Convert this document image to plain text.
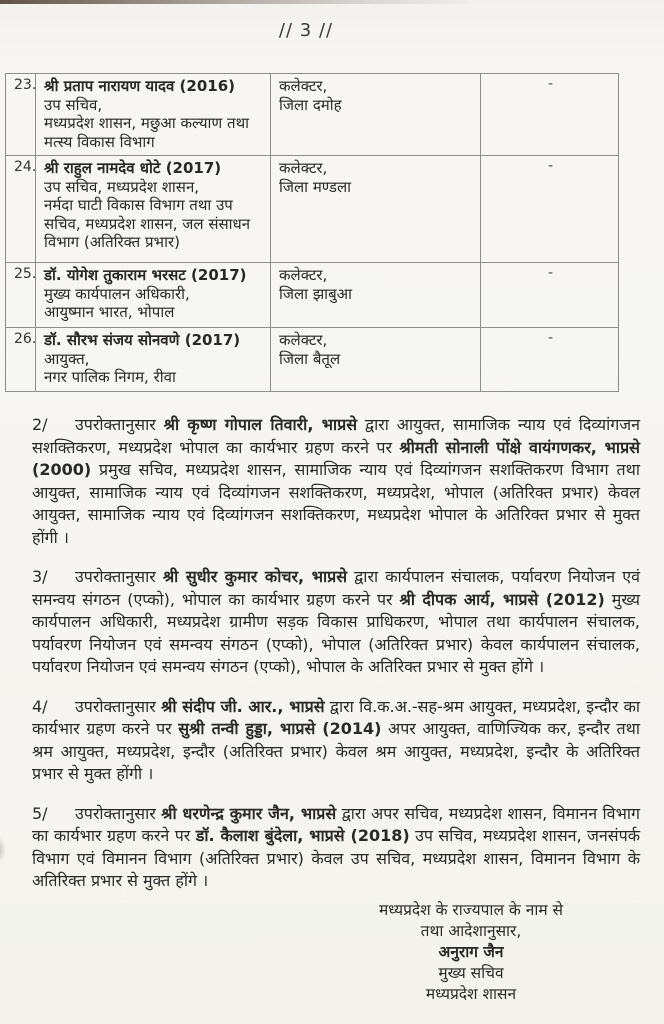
// 3 //
23.	श्री प्रताप नारायण यादव (2016)
उप सचिव,
मध्यप्रदेश शासन, मछुआ कल्याण तथा
मत्स्य विकास विभाग

कलेक्टर,
जिला दमोह
	-
24.	श्री राहुल नामदेव धोटे (2017)
उप सचिव, मध्यप्रदेश शासन,
नर्मदा घाटी विकास विभाग तथा उप
सचिव, मध्यप्रदेश शासन, जल संसाधन
विभाग (अतिरिक्त प्रभार)

कलेक्टर,
जिला मण्डला
	-
25.	डॉ. योगेश तुकाराम भरसट (2017)
मुख्य कार्यपालन अधिकारी,
आयुष्मान भारत, भोपाल

कलेक्टर,
जिला झाबुआ
	-
26.	डॉ. सौरभ संजय सोनवणे (2017)
आयुक्त,
नगर पालिक निगम, रीवा

कलेक्टर,
जिला बैतूल
	-
2/ उपरोक्तानुसार श्री कृष्ण गोपाल तिवारी, भाप्रसे द्वारा आयुक्त, सामाजिक न्याय एवं दिव्यांगजन सशक्तिकरण, मध्यप्रदेश भोपाल का कार्यभार ग्रहण करने पर श्रीमती सोनाली पोंक्षे वायंगणकर, भाप्रसे (2000) प्रमुख सचिव, मध्यप्रदेश शासन, सामाजिक न्याय एवं दिव्यांगजन सशक्तिकरण विभाग तथा आयुक्त, सामाजिक न्याय एवं दिव्यांगजन सशक्तिकरण, मध्यप्रदेश, भोपाल (अतिरिक्त प्रभार) केवल आयुक्त, सामाजिक न्याय एवं दिव्यांगजन सशक्तिकरण, मध्यप्रदेश भोपाल के अतिरिक्त प्रभार से मुक्त होंगी ।
3/ उपरोक्तानुसार श्री सुधीर कुमार कोचर, भाप्रसे द्वारा कार्यपालन संचालक, पर्यावरण नियोजन एवं समन्वय संगठन (एप्को), भोपाल का कार्यभार ग्रहण करने पर श्री दीपक आर्य, भाप्रसे (2012) मुख्य कार्यपालन अधिकारी, मध्यप्रदेश ग्रामीण सड़क विकास प्राधिकरण, भोपाल तथा कार्यपालन संचालक, पर्यावरण नियोजन एवं समन्वय संगठन (एप्को), भोपाल (अतिरिक्त प्रभार) केवल कार्यपालन संचालक, पर्यावरण नियोजन एवं समन्वय संगठन (एप्को), भोपाल के अतिरिक्त प्रभार से मुक्त होंगे ।
4/ उपरोक्तानुसार श्री संदीप जी. आर., भाप्रसे द्वारा वि.क.अ.-सह-श्रम आयुक्त, मध्यप्रदेश, इन्दौर का कार्यभार ग्रहण करने पर सुश्री तन्वी हुड्डा, भाप्रसे (2014) अपर आयुक्त, वाणिज्यिक कर, इन्दौर तथा श्रम आयुक्त, मध्यप्रदेश, इन्दौर (अतिरिक्त प्रभार) केवल श्रम आयुक्त, मध्यप्रदेश, इन्दौर के अतिरिक्त प्रभार से मुक्त होंगी ।
5/ उपरोक्तानुसार श्री धरणेन्द्र कुमार जैन, भाप्रसे द्वारा अपर सचिव, मध्यप्रदेश शासन, विमानन विभाग का कार्यभार ग्रहण करने पर डॉ. कैलाश बुंदेला, भाप्रसे (2018) उप सचिव, मध्यप्रदेश शासन, जनसंपर्क विभाग एवं विमानन विभाग (अतिरिक्त प्रभार) केवल उप सचिव, मध्यप्रदेश शासन, विमानन विभाग के अतिरिक्त प्रभार से मुक्त होंगे ।
मध्यप्रदेश के राज्यपाल के नाम से
तथा आदेशानुसार,
अनुराग जैन
मुख्य सचिव
मध्यप्रदेश शासन
